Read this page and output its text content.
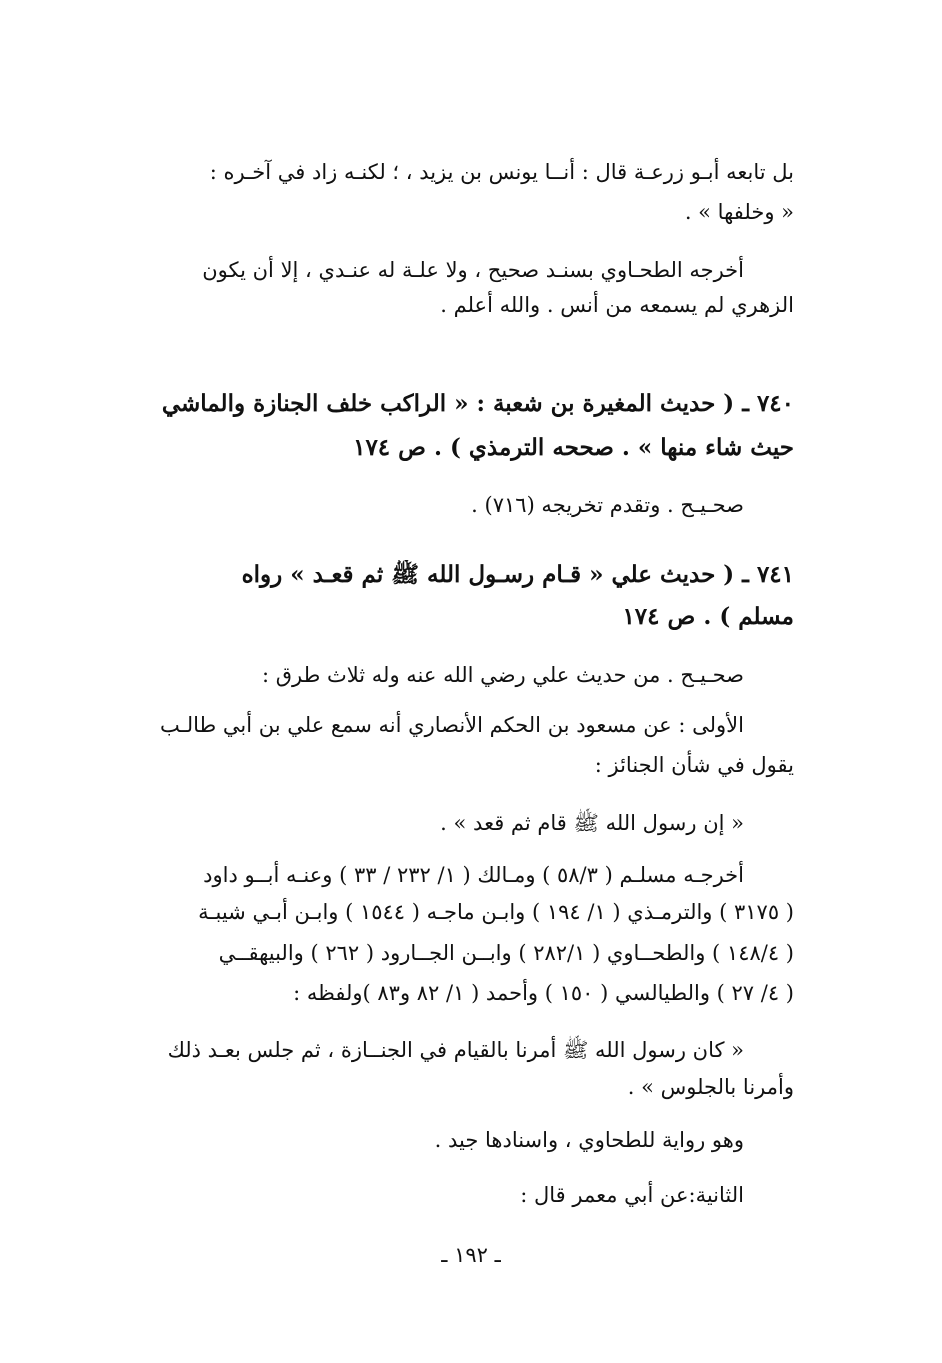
بل تابعه أبـو زرعـة قال : أنــا يونس بن يزيد ، ؛ لكنـه زاد في آخـره :
« وخلفها » .
أخرجه الطحـاوي بسنـد صحيح ، ولا علـة له عنـدي ، إلا أن يكون
الزهري لم يسمعه من أنس . والله أعلم .
٧٤٠ ـ ( حديث المغيرة بن شعبة : « الراكب خلف الجنازة والماشي
حيث شاء منها » . صححه الترمذي ) . ص ١٧٤
صحـيـح . وتقدم تخريجه (٧١٦) .
٧٤١ ـ ( حديث علي « قـام رسـول الله ﷺ ثم قعـد » رواه
مسلم ) . ص ١٧٤
صحـيـح . من حديث علي رضي الله عنه وله ثلاث طرق :
الأولى : عن مسعود بن الحكم الأنصاري أنه سمع علي بن أبي طالـب
يقول في شأن الجنائز :
« إن رسول الله ﷺ قام ثم قعد » .
أخرجـه مسلـم ( ٥٨/٣ ) ومـالك ( ١/ ٢٣٢ / ٣٣ ) وعنـه أبــو داود
( ٣١٧٥ ) والترمـذي ( ١/ ١٩٤ ) وابـن ماجـه ( ١٥٤٤ ) وابـن أبـي شيبـة
( ١٤٨/٤ ) والطحــاوي ( ٢٨٢/١ ) وابــن الجــارود ( ٢٦٢ ) والبيهقــي
( ٤/ ٢٧ ) والطيالسي ( ١٥٠ ) وأحمد ( ١/ ٨٢ و٨٣ )ولفظه :
« كان رسول الله ﷺ أمرنا بالقيام في الجنــازة ، ثم جلس بعـد ذلك
وأمرنا بالجلوس » .
وهو رواية للطحاوي ، واسنادها جيد .
الثانية:عن أبي معمر قال :
ـ ١٩٢ ـ
